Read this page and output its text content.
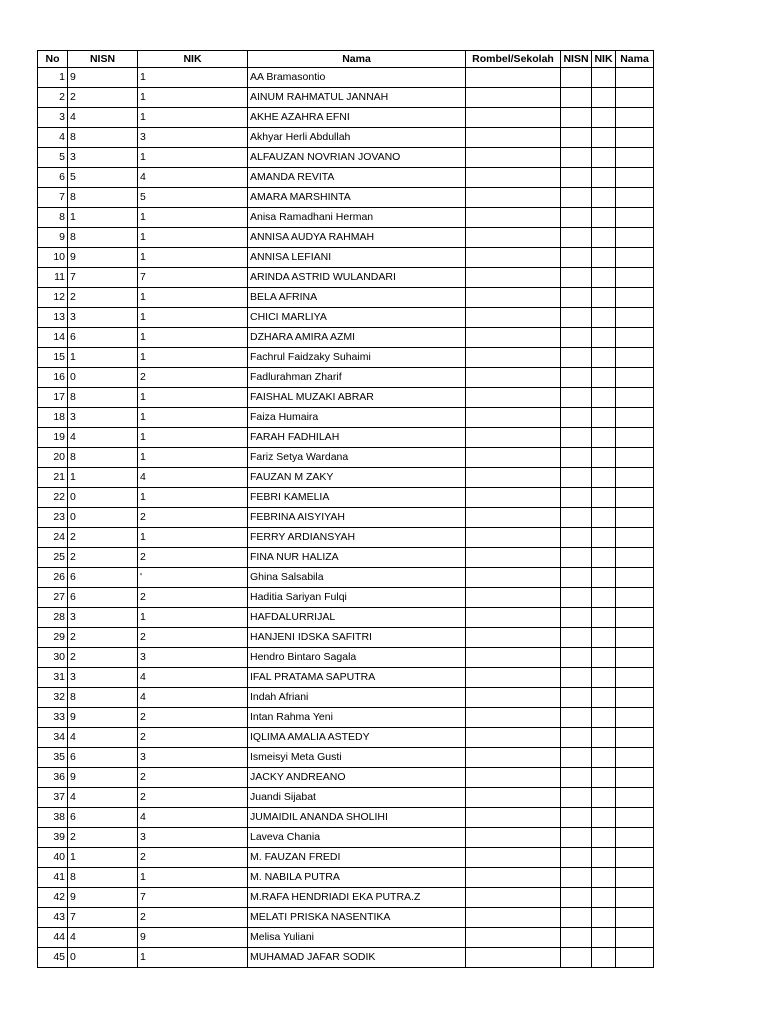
No	NISN	NIK	Nama	Rombel/Sekolah	NISN	NIK	Nama
1	9	1	AA Bramasontio				
2	2	1	AINUM RAHMATUL JANNAH				
3	4	1	AKHE AZAHRA EFNI				
4	8	3	Akhyar Herli Abdullah				
5	3	1	ALFAUZAN NOVRIAN JOVANO				
6	5	4	AMANDA REVITA				
7	8	5	AMARA MARSHINTA				
8	1	1	Anisa Ramadhani Herman				
9	8	1	ANNISA AUDYA RAHMAH				
10	9	1	ANNISA LEFIANI				
11	7	7	ARINDA ASTRID WULANDARI				
12	2	1	BELA AFRINA				
13	3	1	CHICI MARLIYA				
14	6	1	DZHARA AMIRA AZMI				
15	1	1	Fachrul Faidzaky Suhaimi				
16	0	2	Fadlurahman Zharif				
17	8	1	FAISHAL MUZAKI ABRAR				
18	3	1	Faiza Humaira				
19	4	1	FARAH FADHILAH				
20	8	1	Fariz Setya Wardana				
21	1	4	FAUZAN M ZAKY				
22	0	1	FEBRI KAMELIA				
23	0	2	FEBRINA AISYIYAH				
24	2	1	FERRY ARDIANSYAH				
25	2	2	FINA NUR HALIZA				
26	6	'	Ghina Salsabila				
27	6	2	Haditia Sariyan Fulqi				
28	3	1	HAFDALURRIJAL				
29	2	2	HANJENI IDSKA SAFITRI				
30	2	3	Hendro Bintaro Sagala				
31	3	4	IFAL PRATAMA SAPUTRA				
32	8	4	Indah Afriani				
33	9	2	Intan Rahma Yeni				
34	4	2	IQLIMA AMALIA ASTEDY				
35	6	3	Ismeisyi Meta Gusti				
36	9	2	JACKY ANDREANO				
37	4	2	Juandi Sijabat				
38	6	4	JUMAIDIL ANANDA SHOLIHI				
39	2	3	Laveva Chania				
40	1	2	M. FAUZAN FREDI				
41	8	1	M. NABILA PUTRA				
42	9	7	M.RAFA HENDRIADI EKA PUTRA.Z				
43	7	2	MELATI PRISKA NASENTIKA				
44	4	9	Melisa Yuliani				
45	0	1	MUHAMAD JAFAR SODIK				
